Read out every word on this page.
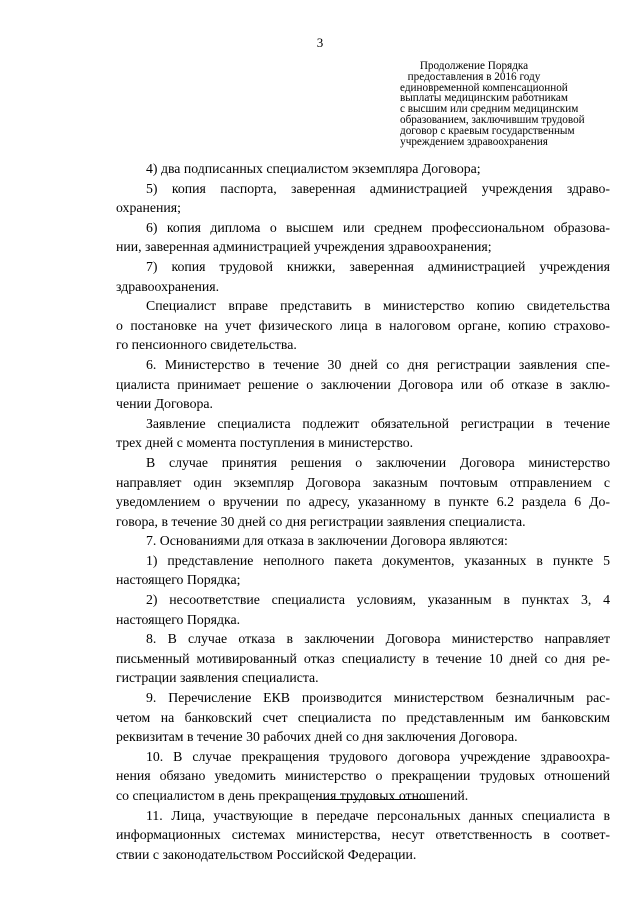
3
Продолжение Порядка
предоставления в 2016 году
единовременной компенсационной
выплаты медицинским работникам
с высшим или средним медицинским
образованием, заключившим трудовой
договор с краевым государственным
учреждением здравоохранения
4) два подписанных специалистом экземпляра Договора;
5) копия паспорта, заверенная администрацией учреждения здраво-
охранения;
6) копия диплома о высшем или среднем профессиональном образова-
нии, заверенная администрацией учреждения здравоохранения;
7) копия трудовой книжки, заверенная администрацией учреждения
здравоохранения.
Специалист вправе представить в министерство копию свидетельства
о постановке на учет физического лица в налоговом органе, копию страхово-
го пенсионного свидетельства.
6. Министерство в течение 30 дней со дня регистрации заявления спе-
циалиста принимает решение о заключении Договора или об отказе в заклю-
чении Договора.
Заявление специалиста подлежит обязательной регистрации в течение
трех дней с момента поступления в министерство.
В случае принятия решения о заключении Договора министерство
направляет один экземпляр Договора заказным почтовым отправлением с
уведомлением о вручении по адресу, указанному в пункте 6.2 раздела 6 До-
говора, в течение 30 дней со дня регистрации заявления специалиста.
7. Основаниями для отказа в заключении Договора являются:
1) представление неполного пакета документов, указанных в пункте 5
настоящего Порядка;
2) несоответствие специалиста условиям, указанным в пунктах 3, 4
настоящего Порядка.
8. В случае отказа в заключении Договора министерство направляет
письменный мотивированный отказ специалисту в течение 10 дней со дня ре-
гистрации заявления специалиста.
9. Перечисление ЕКВ производится министерством безналичным рас-
четом на банковский счет специалиста по представленным им банковским
реквизитам в течение 30 рабочих дней со дня заключения Договора.
10. В случае прекращения трудового договора учреждение здравоохра-
нения обязано уведомить министерство о прекращении трудовых отношений
со специалистом в день прекращения трудовых отношений.
11. Лица, участвующие в передаче персональных данных специалиста в
информационных системах министерства, несут ответственность в соответ-
ствии с законодательством Российской Федерации.
